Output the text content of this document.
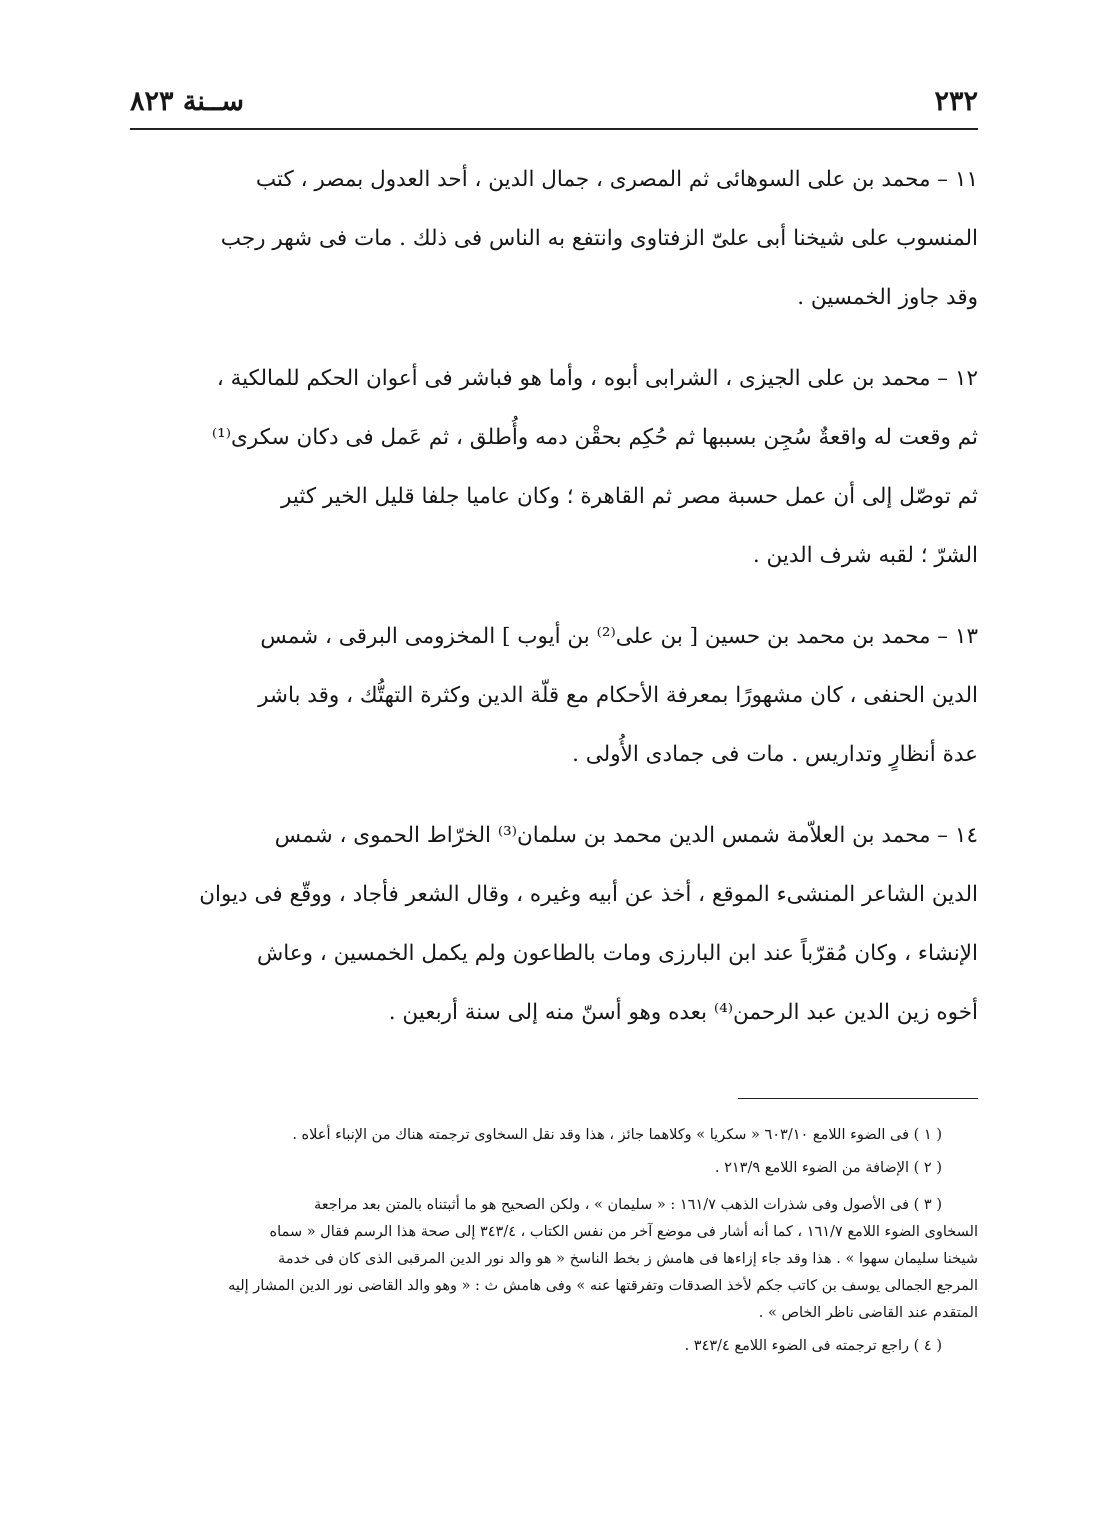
٢٣٢
ســنة ٨٢٣
١١ – محمد بن على السوهائى ثم المصرى ، جمال الدين ، أحد العدول بمصر ، كتب
المنسوب على شيخنا أبى علىّ الزفتاوى وانتفع به الناس فى ذلك . مات فى شهر رجب
وقد جاوز الخمسين .
١٢ – محمد بن على الجيزى ، الشرابى أبوه ، وأما هو فباشر فى أعوان الحكم للمالكية ،
ثم وقعت له واقعةٌ سُجِن بسببها ثم حُكِم بحقْن دمه وأُطلق ، ثم عَمل فى دكان سكرى⁽¹⁾
ثم توصّل إلى أن عمل حسبة مصر ثم القاهرة ؛ وكان عاميا جلفا قليل الخير كثير
الشرّ ؛ لقبه شرف الدين .
١٣ – محمد بن محمد بن حسين [ بن على⁽²⁾ بن أيوب ] المخزومى البرقى ، شمس
الدين الحنفى ، كان مشهورًا بمعرفة الأحكام مع قلّة الدين وكثرة التهتُّك ، وقد باشر
عدة أنظارٍ وتداريس . مات فى جمادى الأُولى .
١٤ – محمد بن العلاّمة شمس الدين محمد بن سلمان⁽³⁾ الخرّاط الحموى ، شمس
الدين الشاعر المنشىء الموقع ، أخذ عن أبيه وغيره ، وقال الشعر فأجاد ، ووقّع فى ديوان
الإنشاء ، وكان مُقرّباً عند ابن البارزى ومات بالطاعون ولم يكمل الخمسين ، وعاش
أخوه زين الدين عبد الرحمن⁽⁴⁾ بعده وهو أسنّ منه إلى سنة أربعين .
( ١ ) فى الضوء اللامع ٦٠٣/١٠ « سكريا » وكلاهما جائز ، هذا وقد نقل السخاوى ترجمته هناك من الإنباء أعلاه .
( ٢ ) الإضافة من الضوء اللامع ٢١٣/٩ .
( ٣ ) فى الأصول وفى شذرات الذهب ١٦١/٧ : « سليمان » ، ولكن الصحيح هو ما أثبتناه بالمتن بعد مراجعة
السخاوى الضوء اللامع ١٦١/٧ ، كما أنه أشار فى موضع آخر من نفس الكتاب ، ٣٤٣/٤ إلى صحة هذا الرسم فقال « سماه
شيخنا سليمان سهوا » . هذا وقد جاء إزاءها فى هامش ز بخط الناسخ « هو والد نور الدين المرقبى الذى كان فى خدمة
المرجع الجمالى يوسف بن كاتب جكم لأخذ الصدقات وتفرقتها عنه » وفى هامش ث : « وهو والد القاضى نور الدين المشار إليه
المتقدم عند القاضى ناظر الخاص » .
( ٤ ) راجع ترجمته فى الضوء اللامع ٣٤٣/٤ .
